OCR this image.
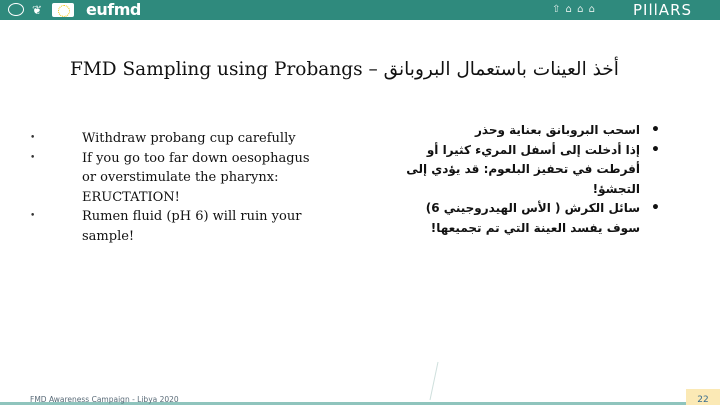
❦	eufmd	⇧ ⌂ ⌂ ⌂ PIllARS
FMD Sampling using Probangs – أخذ العينات باستعمال البروبانق
•	Withdraw probang cup carefully
•	If you go too far down oesophagus or overstimulate the pharynx: ERUCTATION!
•	Rumen fluid (pH 6) will ruin your sample!
•
اسحب البروبانق بعناية وحذر
•
إذا أدخلت إلى أسفل المريء كثيرا أو أفرطت في تحفيز البلعوم: قد يؤدي إلى التجشؤ!
•
سائل الكرش ( الأس الهيدروجيني 6) سوف يفسد العينة التي تم تجميعها!
FMD Awareness Campaign - Libya 2020	22
